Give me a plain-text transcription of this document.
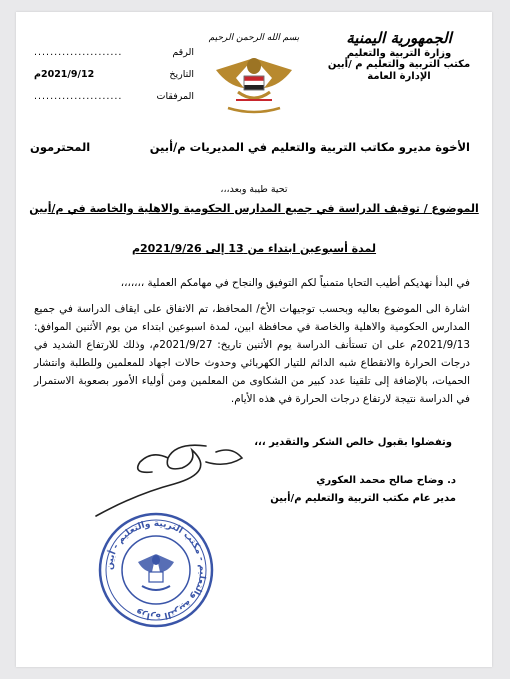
الجمهورية اليمنية
وزارة التربية والتعليم
مكتب التربية والتعليم م /أبين
الإدارة العامة
بسم الله الرحمن الرحيم
الرقم
......................
التاريخ
2021/9/12م
المرفقات
......................
الأخوة مديرو مكاتب التربية والتعليم في المديريات م/أبين
المحترمون
تحية طيبة وبعد،،،
الموضوع / توقيف الدراسة في جميع المدارس الحكومية والاهلية والخاصة في م/أبين
لمدة أسبوعين ابتداء من 13 إلى 2021/9/26م

في البدأ نهديكم أطيب التحايا متمنياً لكم التوفيق والنجاح في مهامكم العملية ،،،،،،،

اشارة الى الموضوع بعاليه وبحسب توجيهات الأخ/ المحافظ، تم الاتفاق على ايقاف الدراسة في جميع المدارس الحكومية والاهلية والخاصة في محافظة ابين، لمدة اسبوعين ابتداء من يوم الأثنين الموافق: 2021/9/13م على ان تستأنف الدراسة يوم الأثنين تاريخ: 2021/9/27م، وذلك للارتفاع الشديد في درجات الحرارة والانقطاع شبه الدائم للتيار الكهربائي وحدوث حالات اجهاد للمعلمين وللطلبة وانتشار الحميات، بالإضافة إلى تلقينا عدد كبير من الشكاوى من المعلمين ومن أولياء الأمور بصعوبة الاستمرار في الدراسة نتيجة لارتفاع درجات الحرارة في هذه الأيام.

وتفضلوا بقبول خالص الشكر والتقدير ،،،
د. وضاح صالح محمد العكوري
مدير عام مكتب التربية والتعليم م/أبين
وزارة التربية والتعليم - مكتب التربية والتعليم - أبين
